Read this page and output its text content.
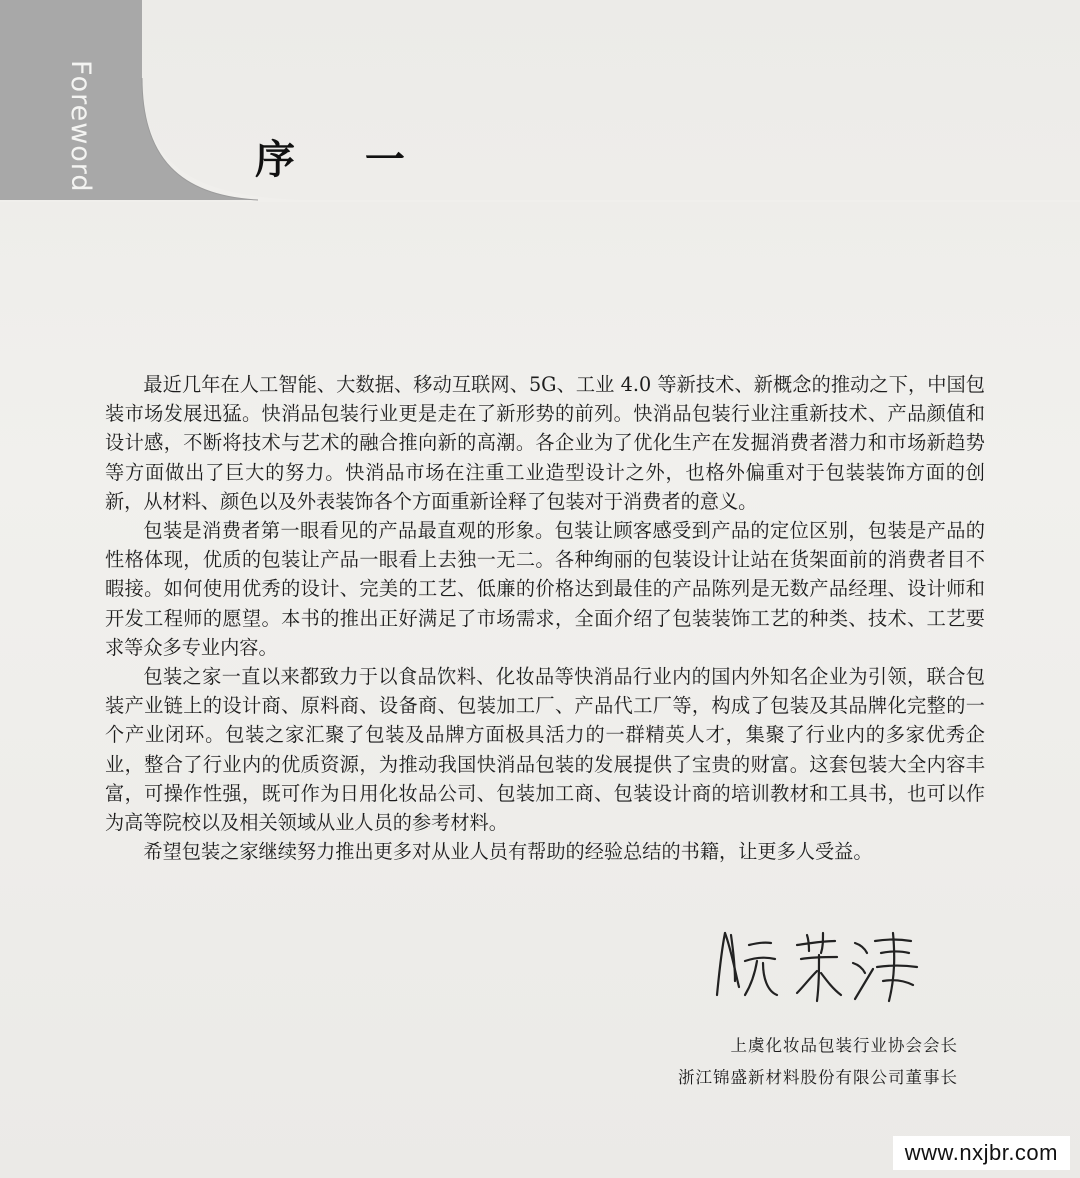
Foreword	序 一

最近几年在人工智能、大数据、移动互联网、5G、工业 4.0 等新技术、新概念的推动之下，中国包装市场发展迅猛。快消品包装行业更是走在了新形势的前列。快消品包装行业注重新技术、产品颜值和设计感，不断将技术与艺术的融合推向新的高潮。各企业为了优化生产在发掘消费者潜力和市场新趋势等方面做出了巨大的努力。快消品市场在注重工业造型设计之外，也格外偏重对于包装装饰方面的创新，从材料、颜色以及外表装饰各个方面重新诠释了包装对于消费者的意义。

包装是消费者第一眼看见的产品最直观的形象。包装让顾客感受到产品的定位区别，包装是产品的性格体现，优质的包装让产品一眼看上去独一无二。各种绚丽的包装设计让站在货架面前的消费者目不暇接。如何使用优秀的设计、完美的工艺、低廉的价格达到最佳的产品陈列是无数产品经理、设计师和开发工程师的愿望。本书的推出正好满足了市场需求，全面介绍了包装装饰工艺的种类、技术、工艺要求等众多专业内容。

包装之家一直以来都致力于以食品饮料、化妆品等快消品行业内的国内外知名企业为引领，联合包装产业链上的设计商、原料商、设备商、包装加工厂、产品代工厂等，构成了包装及其品牌化完整的一个产业闭环。包装之家汇聚了包装及品牌方面极具活力的一群精英人才，集聚了行业内的多家优秀企业，整合了行业内的优质资源，为推动我国快消品包装的发展提供了宝贵的财富。这套包装大全内容丰富，可操作性强，既可作为日用化妆品公司、包装加工商、包装设计商的培训教材和工具书，也可以作为高等院校以及相关领域从业人员的参考材料。

希望包装之家继续努力推出更多对从业人员有帮助的经验总结的书籍，让更多人受益。

上虞化妆品包装行业协会会长
浙江锦盛新材料股份有限公司董事长
www.nxjbr.com
